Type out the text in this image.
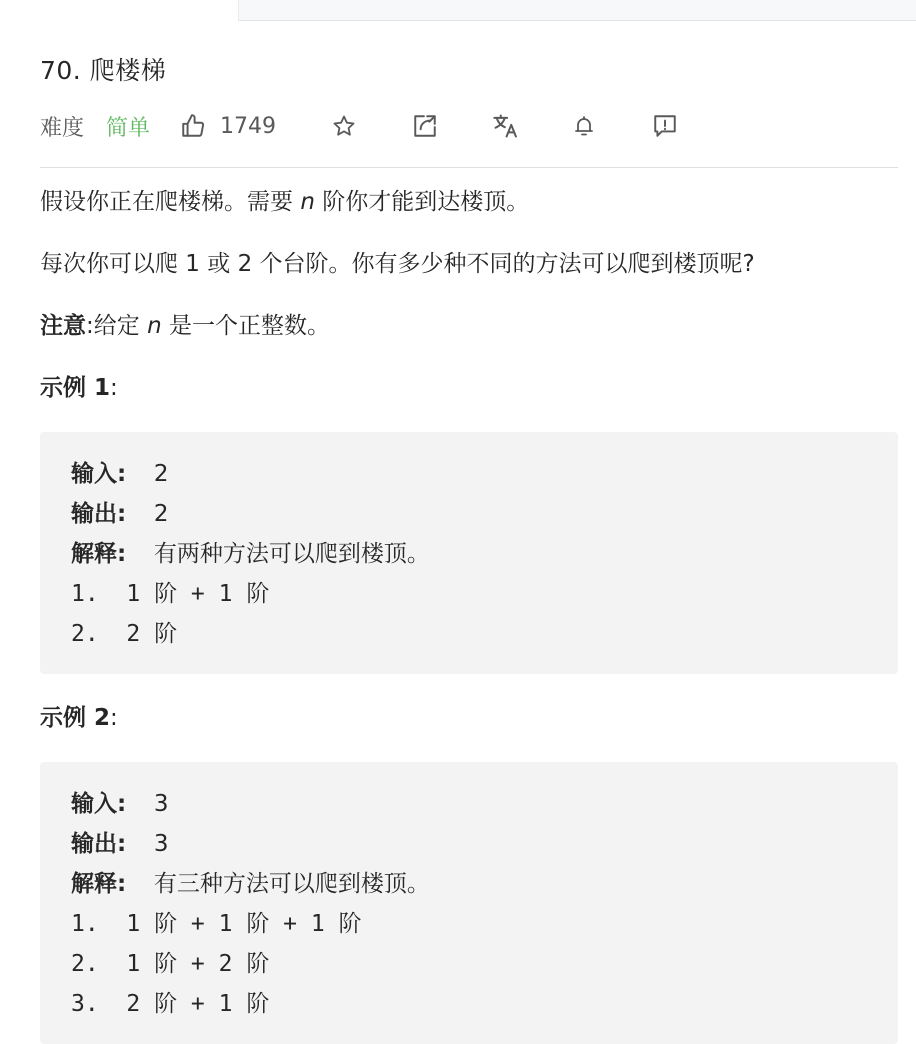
70. 爬楼梯
难度 简单	1749
假设你正在爬楼梯。需要 n 阶你才能到达楼顶。
每次你可以爬 1 或 2 个台阶。你有多少种不同的方法可以爬到楼顶呢?
注意:给定 n 是一个正整数。
示例 1:
输入: 2
输出: 2
解释: 有两种方法可以爬到楼顶。
1.  1 阶 + 1 阶
2.  2 阶
示例 2:
输入: 3
输出: 3
解释: 有三种方法可以爬到楼顶。
1.  1 阶 + 1 阶 + 1 阶
2.  1 阶 + 2 阶
3.  2 阶 + 1 阶
